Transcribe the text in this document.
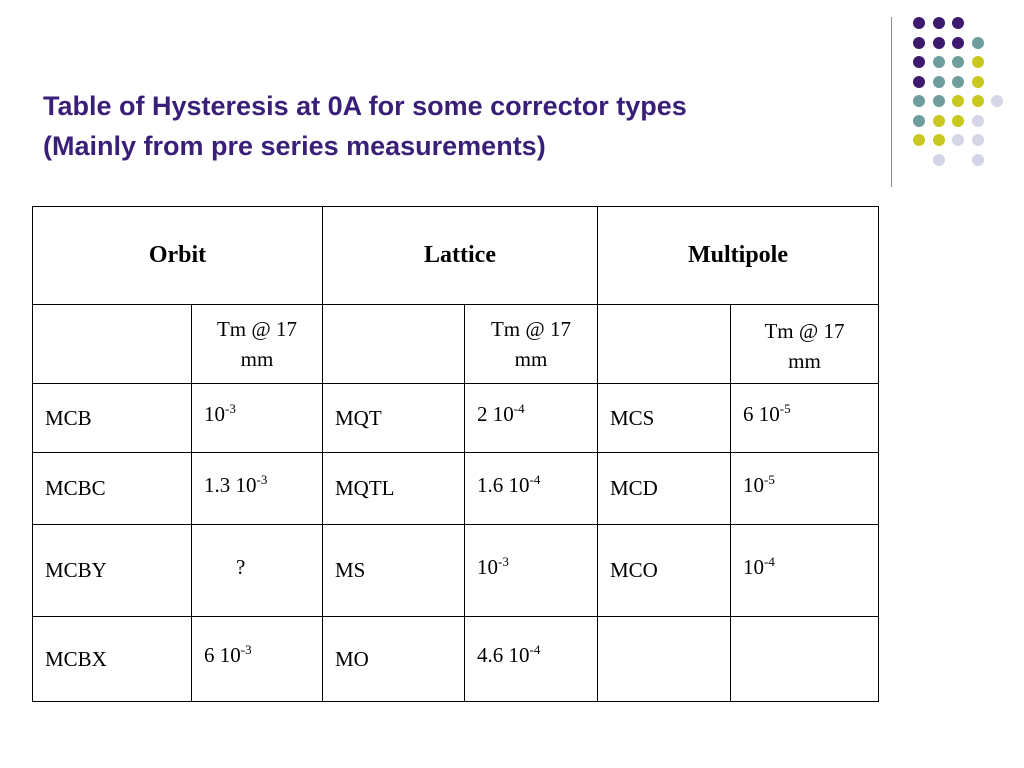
Table of Hysteresis at 0A for some corrector types
(Mainly from pre series measurements)
Orbit		Lattice		Multipole	
	Tm @ 17 mm		Tm @ 17 mm		Tm @ 17 mm
MCB	$10^{-3}$	MQT	2 $10^{-4}$	MCS	6 $10^{-5}$
MCBC	1.3 $10^{-3}$	MQTL	1.6 $10^{-4}$	MCD	$10^{-5}$
MCBY	?	MS	$10^{-3}$	MCO	$10^{-4}$
MCBX	6 $10^{-3}$	MO	4.6 $10^{-4}$		
